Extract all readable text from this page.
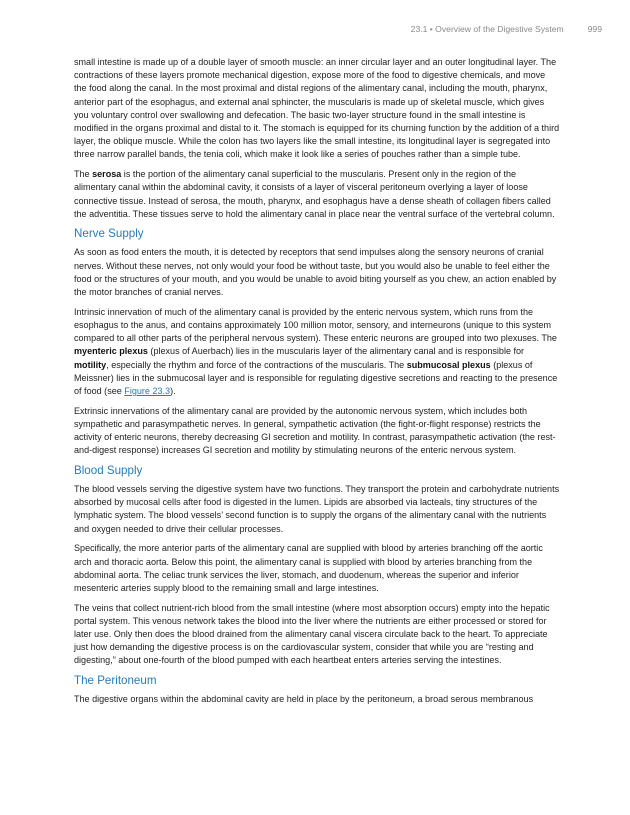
23.1 • Overview of the Digestive System	999

small intestine is made up of a double layer of smooth muscle: an inner circular layer and an outer longitudinal layer. The contractions of these layers promote mechanical digestion, expose more of the food to digestive chemicals, and move the food along the canal. In the most proximal and distal regions of the alimentary canal, including the mouth, pharynx, anterior part of the esophagus, and external anal sphincter, the muscularis is made up of skeletal muscle, which gives you voluntary control over swallowing and defecation. The basic two-layer structure found in the small intestine is modified in the organs proximal and distal to it. The stomach is equipped for its churning function by the addition of a third layer, the oblique muscle. While the colon has two layers like the small intestine, its longitudinal layer is segregated into three narrow parallel bands, the tenia coli, which make it look like a series of pouches rather than a simple tube.

The serosa is the portion of the alimentary canal superficial to the muscularis. Present only in the region of the alimentary canal within the abdominal cavity, it consists of a layer of visceral peritoneum overlying a layer of loose connective tissue. Instead of serosa, the mouth, pharynx, and esophagus have a dense sheath of collagen fibers called the adventitia. These tissues serve to hold the alimentary canal in place near the ventral surface of the vertebral column.

Nerve Supply

As soon as food enters the mouth, it is detected by receptors that send impulses along the sensory neurons of cranial nerves. Without these nerves, not only would your food be without taste, but you would also be unable to feel either the food or the structures of your mouth, and you would be unable to avoid biting yourself as you chew, an action enabled by the motor branches of cranial nerves.

Intrinsic innervation of much of the alimentary canal is provided by the enteric nervous system, which runs from the esophagus to the anus, and contains approximately 100 million motor, sensory, and interneurons (unique to this system compared to all other parts of the peripheral nervous system). These enteric neurons are grouped into two plexuses. The myenteric plexus (plexus of Auerbach) lies in the muscularis layer of the alimentary canal and is responsible for motility, especially the rhythm and force of the contractions of the muscularis. The submucosal plexus (plexus of Meissner) lies in the submucosal layer and is responsible for regulating digestive secretions and reacting to the presence of food (see Figure 23.3).

Extrinsic innervations of the alimentary canal are provided by the autonomic nervous system, which includes both sympathetic and parasympathetic nerves. In general, sympathetic activation (the fight-or-flight response) restricts the activity of enteric neurons, thereby decreasing GI secretion and motility. In contrast, parasympathetic activation (the rest-and-digest response) increases GI secretion and motility by stimulating neurons of the enteric nervous system.

Blood Supply

The blood vessels serving the digestive system have two functions. They transport the protein and carbohydrate nutrients absorbed by mucosal cells after food is digested in the lumen. Lipids are absorbed via lacteals, tiny structures of the lymphatic system. The blood vessels’ second function is to supply the organs of the alimentary canal with the nutrients and oxygen needed to drive their cellular processes.

Specifically, the more anterior parts of the alimentary canal are supplied with blood by arteries branching off the aortic arch and thoracic aorta. Below this point, the alimentary canal is supplied with blood by arteries branching from the abdominal aorta. The celiac trunk services the liver, stomach, and duodenum, whereas the superior and inferior mesenteric arteries supply blood to the remaining small and large intestines.

The veins that collect nutrient-rich blood from the small intestine (where most absorption occurs) empty into the hepatic portal system. This venous network takes the blood into the liver where the nutrients are either processed or stored for later use. Only then does the blood drained from the alimentary canal viscera circulate back to the heart. To appreciate just how demanding the digestive process is on the cardiovascular system, consider that while you are “resting and digesting,” about one-fourth of the blood pumped with each heartbeat enters arteries serving the intestines.

The Peritoneum

The digestive organs within the abdominal cavity are held in place by the peritoneum, a broad serous membranous
